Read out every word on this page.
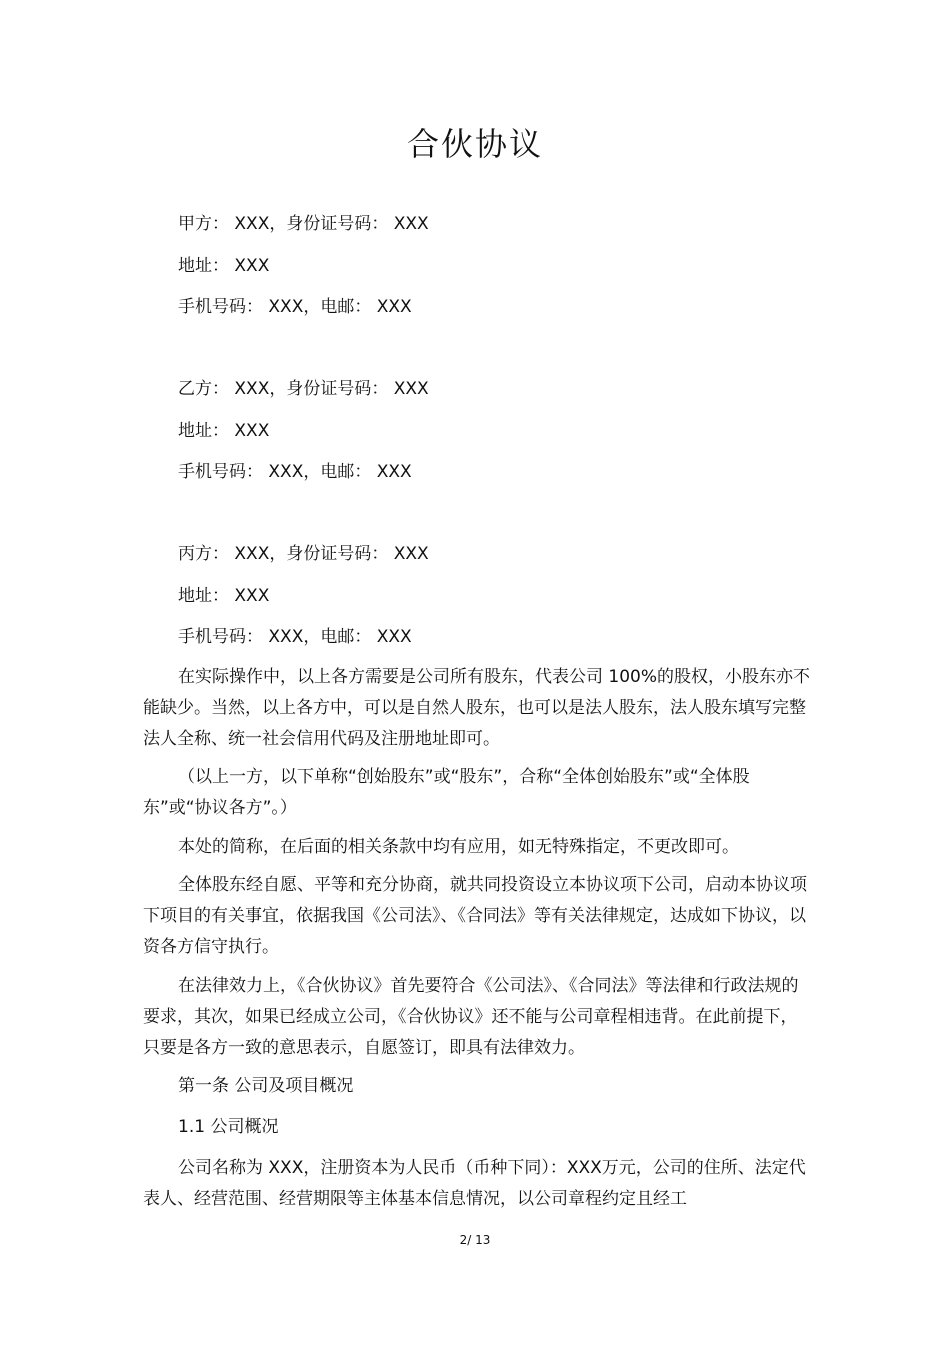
合伙协议
甲方： XXX，身份证号码： XXX
地址： XXX
手机号码： XXX，电邮： XXX
乙方： XXX，身份证号码： XXX
地址： XXX
手机号码： XXX，电邮： XXX
丙方： XXX，身份证号码： XXX
地址： XXX
手机号码： XXX，电邮： XXX
在实际操作中，以上各方需要是公司所有股东，代表公司 100%的股权，小股东亦不能缺少。当然，以上各方中，可以是自然人股东，也可以是法人股东，法人股东填写完整法人全称、统一社会信用代码及注册地址即可。
（以上一方，以下单称“创始股东”或“股东”，合称“全体创始股东”或“全体股东”或“协议各方”。）
本处的简称，在后面的相关条款中均有应用，如无特殊指定，不更改即可。
全体股东经自愿、平等和充分协商，就共同投资设立本协议项下公司，启动本协议项下项目的有关事宜，依据我国《公司法》、《合同法》等有关法律规定，达成如下协议，以资各方信守执行。
在法律效力上，《合伙协议》首先要符合《公司法》、《合同法》等法律和行政法规的要求，其次，如果已经成立公司，《合伙协议》还不能与公司章程相违背。在此前提下，只要是各方一致的意思表示，自愿签订，即具有法律效力。
第一条 公司及项目概况
1.1 公司概况
公司名称为 XXX，注册资本为人民币（币种下同）：XXX万元，公司的住所、法定代表人、经营范围、经营期限等主体基本信息情况，以公司章程约定且经工
2/ 13
